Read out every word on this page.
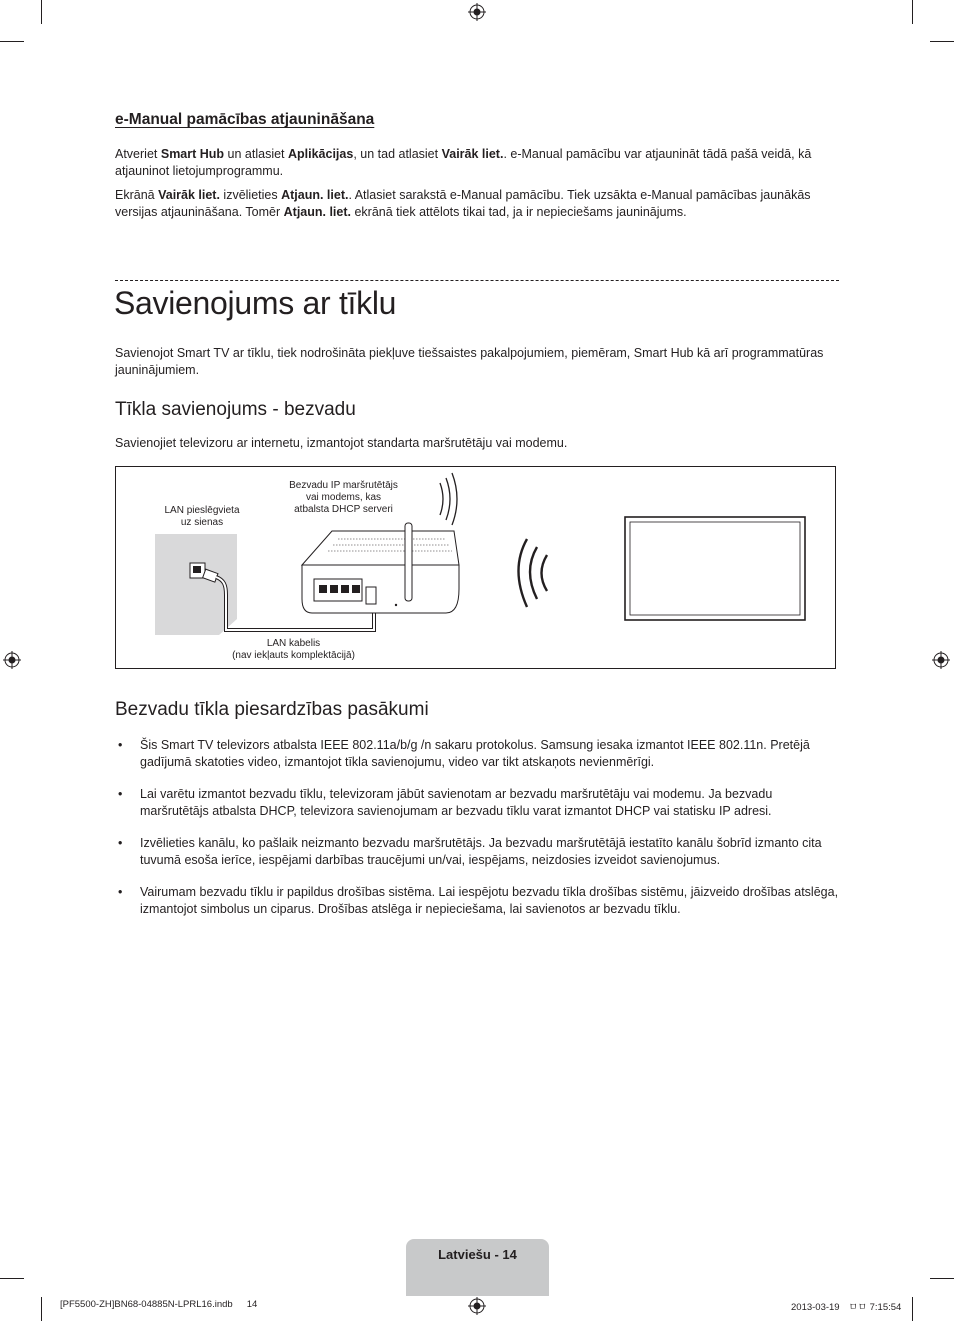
e-Manual pamācības atjaunināšana
Atveriet Smart Hub un atlasiet Aplikācijas, un tad atlasiet Vairāk liet.. e-Manual pamācību var atjaunināt tādā pašā veidā, kā atjauninot lietojumprogrammu.
Ekrānā Vairāk liet. izvēlieties Atjaun. liet.. Atlasiet sarakstā e-Manual pamācību. Tiek uzsākta e-Manual pamācības jaunākās versijas atjaunināšana. Tomēr Atjaun. liet. ekrānā tiek attēlots tikai tad, ja ir nepieciešams jauninājums.
Savienojums ar tīklu
Savienojot Smart TV ar tīklu, tiek nodrošināta piekļuve tiešsaistes pakalpojumiem, piemēram, Smart Hub kā arī programmatūras jauninājumiem.
Tīkla savienojums - bezvadu
Savienojiet televizoru ar internetu, izmantojot standarta maršrutētāju vai modemu.
LAN pieslēgvieta
uz sienas
Bezvadu IP maršrutētājs
vai modems, kas
atbalsta DHCP serveri
LAN kabelis
(nav iekļauts komplektācijā)
Bezvadu tīkla piesardzības pasākumi
• Šis Smart TV televizors atbalsta IEEE 802.11a/b/g /n sakaru protokolus. Samsung iesaka izmantot IEEE 802.11n. Pretējā gadījumā skatoties video, izmantojot tīkla savienojumu, video var tikt atskaņots nevienmērīgi.
• Lai varētu izmantot bezvadu tīklu, televizoram jābūt savienotam ar bezvadu maršrutētāju vai modemu. Ja bezvadu maršrutētājs atbalsta DHCP, televizora savienojumam ar bezvadu tīklu varat izmantot DHCP vai statisku IP adresi.
• Izvēlieties kanālu, ko pašlaik neizmanto bezvadu maršrutētājs. Ja bezvadu maršrutētājā iestatīto kanālu šobrīd izmanto cita tuvumā esoša ierīce, iespējami darbības traucējumi un/vai, iespējams, neizdosies izveidot savienojumus.
• Vairumam bezvadu tīklu ir papildus drošības sistēma. Lai iespējotu bezvadu tīkla drošības sistēmu, jāizveido drošības atslēga, izmantojot simbolus un ciparus. Drošības atslēga ir nepieciešama, lai savienotos ar bezvadu tīklu.
Latviešu - 14
[PF5500-ZH]BN68-04885N-LPRL16.indb 14	2013-03-19 ㅁㅁ 7:15:54
